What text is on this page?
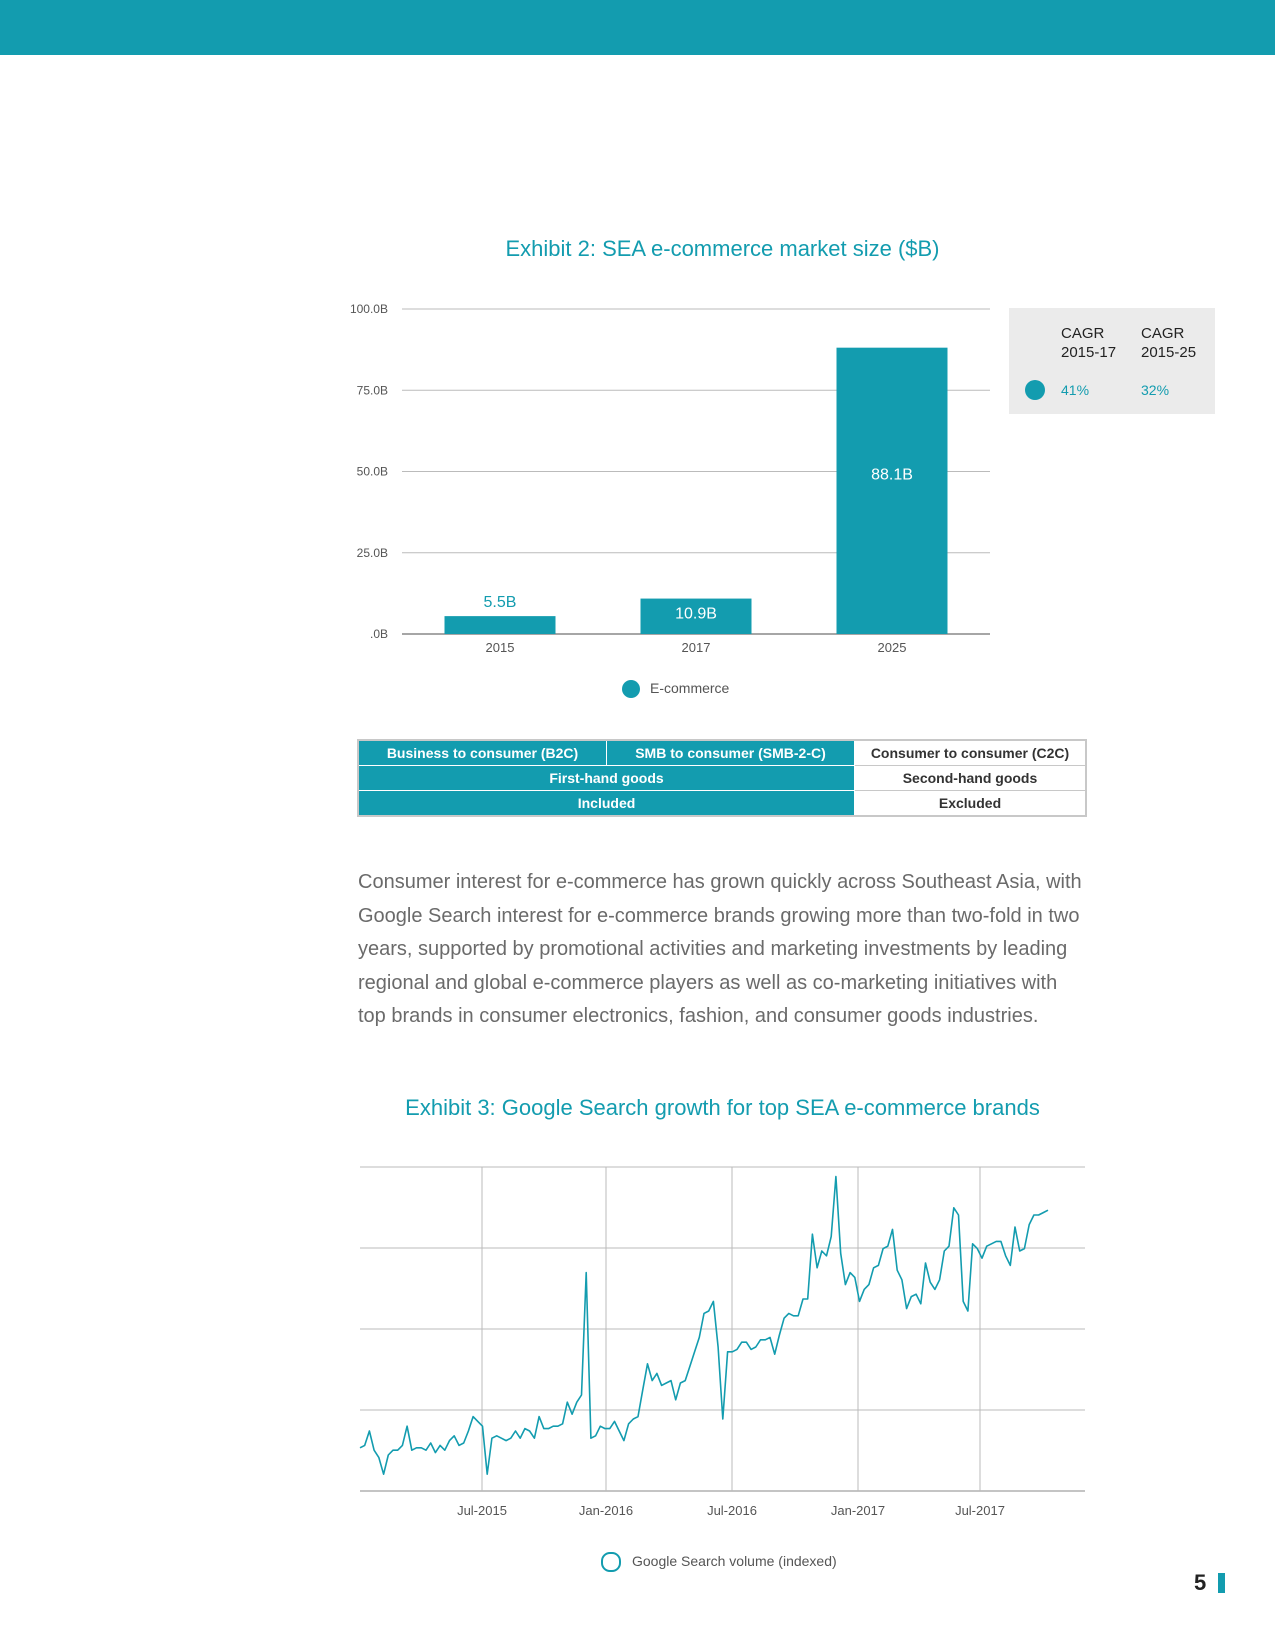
Exhibit 2: SEA e-commerce market size ($B)
.0B
25.0B
50.0B
75.0B
100.0B
2015
5.5B
2017
10.9B
2025
88.1B
CAGR
2015-17
CAGR
2015-25
41%	32%
E-commerce
Business to consumer (B2C)	SMB to consumer (SMB-2-C)	Consumer to consumer (C2C)
First-hand goods		Second-hand goods
Included		Excluded
Consumer interest for e-commerce has grown quickly across Southeast Asia, with Google Search interest for e-commerce brands growing more than two-fold in two years, supported by promotional activities and marketing investments by leading regional and global e-commerce players as well as co-marketing initiatives with top brands in consumer electronics, fashion, and consumer goods industries.
Exhibit 3: Google Search growth for top SEA e-commerce brands
Jul-2015	Jan-2016	Jul-2016	Jan-2017	Jul-2017
Google Search volume (indexed)
5
